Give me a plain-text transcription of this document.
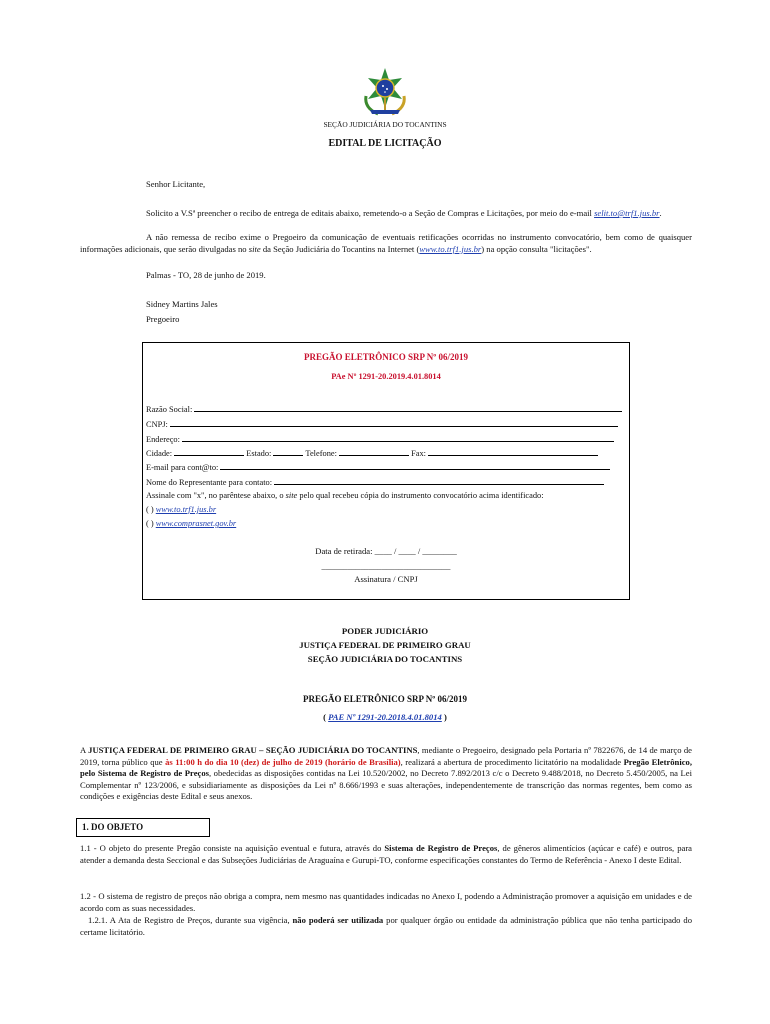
SEÇÃO JUDICIÁRIA DO TOCANTINS
EDITAL DE LICITAÇÃO
Senhor Licitante,
Solicito a V.Sª preencher o recibo de entrega de editais abaixo, remetendo-o a Seção de Compras e Licitações, por meio do e-mail selit.to@trf1.jus.br.
A não remessa de recibo exime o Pregoeiro da comunicação de eventuais retificações ocorridas no instrumento convocatório, bem como de quaisquer informações adicionais, que serão divulgadas no site da Seção Judiciária do Tocantins na Internet (www.to.trf1.jus.br) na opção consulta "licitações".
Palmas - TO, 28 de junho de 2019.
Sidney Martins Jales
Pregoeiro
PREGÃO ELETRÔNICO SRP Nº 06/2019
PAe Nº 1291-20.2019.4.01.8014
Razão Social:
CNPJ:
Endereço:
Cidade:	Estado:	Telefone:	Fax:
E-mail para cont@to:
Nome do Representante para contato:
Assinale com "x", no parêntese abaixo, o site pelo qual recebeu cópia do instrumento convocatório acima identificado:
( ) www.to.trf1.jus.br
( ) www.comprasnet.gov.br
Data de retirada: ____ / ____ / ________
______________________________
Assinatura / CNPJ
PODER JUDICIÁRIO
JUSTIÇA FEDERAL DE PRIMEIRO GRAU
SEÇÃO JUDICIÁRIA DO TOCANTINS
PREGÃO ELETRÔNICO SRP Nº 06/2019
( PAE Nº 1291-20.2018.4.01.8014 )
A JUSTIÇA FEDERAL DE PRIMEIRO GRAU – SEÇÃO JUDICIÁRIA DO TOCANTINS, mediante o Pregoeiro, designado pela Portaria nº 7822676, de 14 de março de 2019, torna público que às 11:00 h do dia 10 (dez) de julho de 2019 (horário de Brasília), realizará a abertura de procedimento licitatório na modalidade Pregão Eletrônico, pelo Sistema de Registro de Preços, obedecidas as disposições contidas na Lei 10.520/2002, no Decreto 7.892/2013 c/c o Decreto 9.488/2018, no Decreto 5.450/2005, na Lei Complementar nº 123/2006, e subsidiariamente as disposições da Lei nº 8.666/1993 e suas alterações, independentemente de transcrição das normas regentes, bem como as condições e exigências deste Edital e seus anexos.
1. DO OBJETO
1.1 - O objeto do presente Pregão consiste na aquisição eventual e futura, através do Sistema de Registro de Preços, de gêneros alimentícios (açúcar e café) e outros, para atender a demanda desta Seccional e das Subseções Judiciárias de Araguaína e Gurupi-TO, conforme especificações constantes do Termo de Referência - Anexo I deste Edital.
1.2 - O sistema de registro de preços não obriga a compra, nem mesmo nas quantidades indicadas no Anexo I, podendo a Administração promover a aquisição em unidades e de acordo com as suas necessidades.
1.2.1. A Ata de Registro de Preços, durante sua vigência, não poderá ser utilizada por qualquer órgão ou entidade da administração pública que não tenha participado do certame licitatório.
